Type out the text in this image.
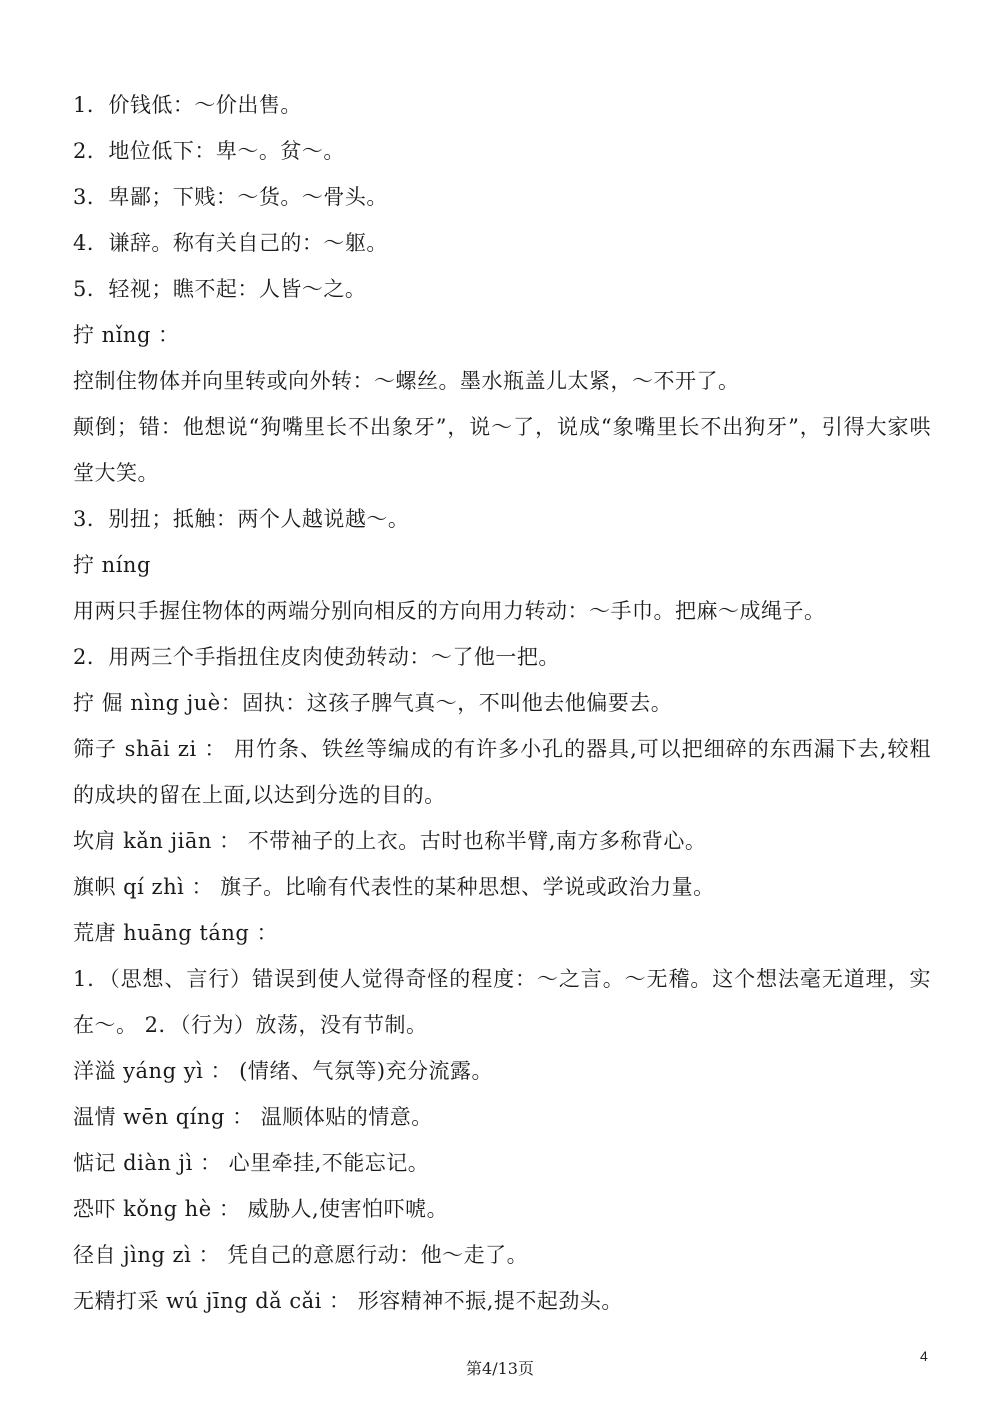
1．价钱低：～价出售。
2．地位低下：卑～。贫～。
3．卑鄙；下贱：～货。～骨头。
4．谦辞。称有关自己的：～躯。
5．轻视；瞧不起：人皆～之。
拧 nǐng ：
控制住物体并向里转或向外转：～螺丝。墨水瓶盖儿太紧，～不开了。
颠倒；错：他想说“狗嘴里长不出象牙”，说～了，说成“象嘴里长不出狗牙”，引得大家哄堂大笑。
3．别扭；抵触：两个人越说越～。
拧 níng
用两只手握住物体的两端分别向相反的方向用力转动：～手巾。把麻～成绳子。
2．用两三个手指扭住皮肉使劲转动：～了他一把。
拧 倔 nìng juè：固执：这孩子脾气真～，不叫他去他偏要去。
筛子 shāi zi ： 用竹条、铁丝等编成的有许多小孔的器具,可以把细碎的东西漏下去,较粗的成块的留在上面,以达到分选的目的。
坎肩 kǎn jiān ： 不带袖子的上衣。古时也称半臂,南方多称背心。
旗帜 qí zhì ： 旗子。比喻有代表性的某种思想、学说或政治力量。
荒唐 huāng táng ：
1．（思想、言行）错误到使人觉得奇怪的程度：～之言。～无稽。这个想法毫无道理，实在～。 2．（行为）放荡，没有节制。
洋溢 yáng yì ： (情绪、气氛等)充分流露。
温情 wēn qíng ： 温顺体贴的情意。
惦记 diàn jì ： 心里牵挂,不能忘记。
恐吓 kǒng hè ： 威胁人,使害怕吓唬。
径自 jìng zì ： 凭自己的意愿行动：他～走了。
无精打采 wú jīng dǎ cǎi ： 形容精神不振,提不起劲头。
第4/13页
4
